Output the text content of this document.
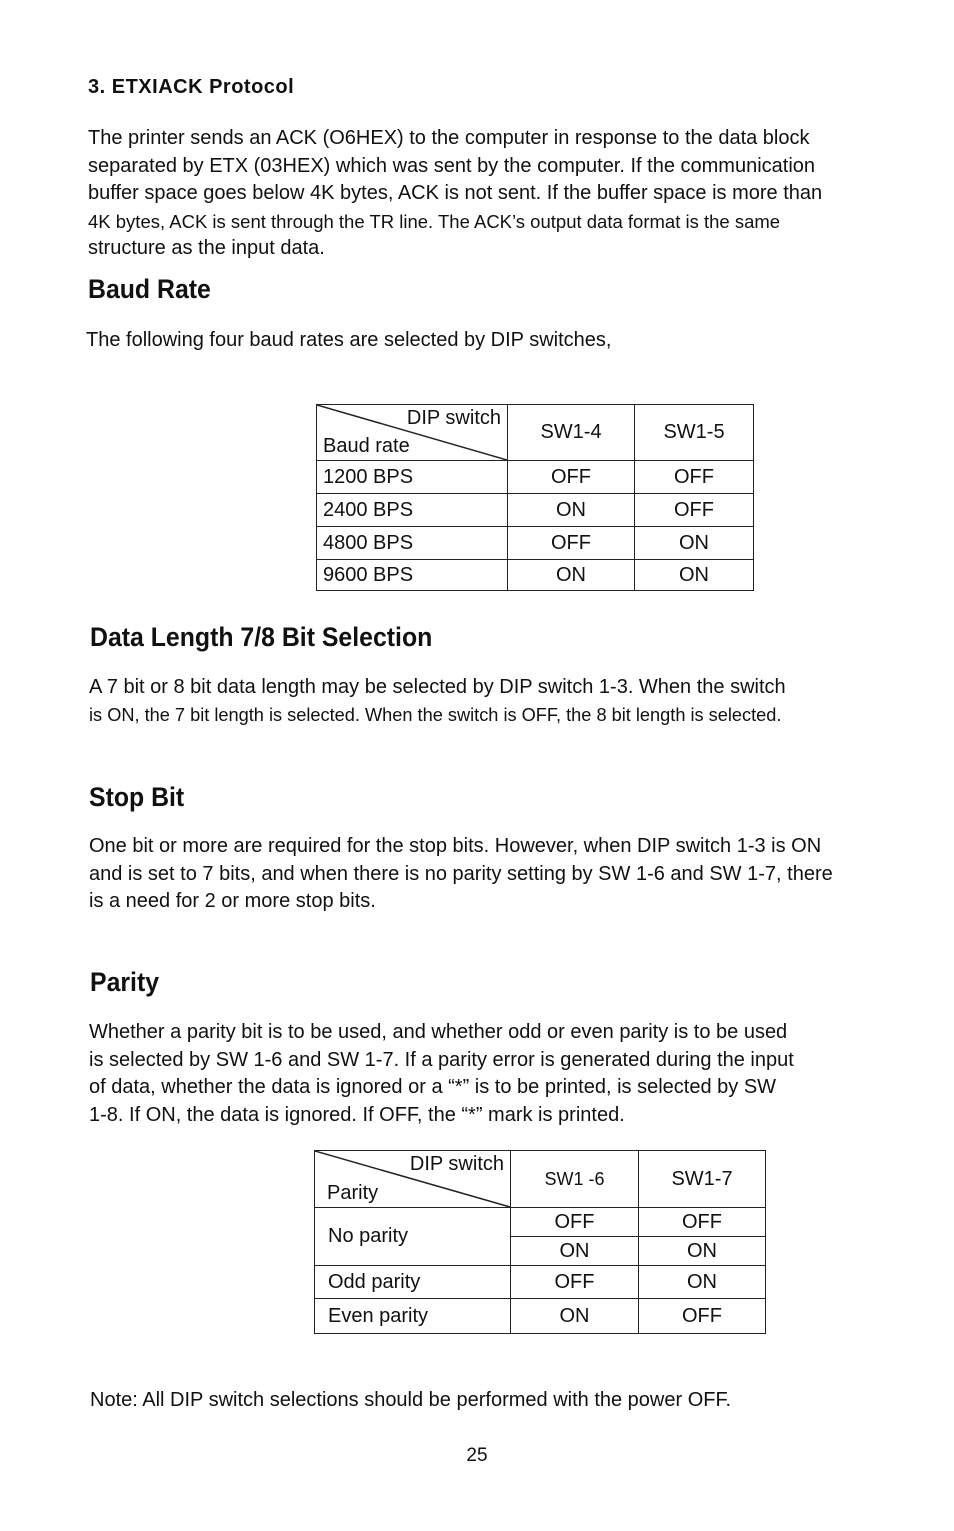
3. ETXIACK Protocol

The printer sends an ACK (O6HEX) to the computer in response to the data block

separated by ETX (03HEX) which was sent by the computer. If the communication

buffer space goes below 4K bytes, ACK is not sent. If the buffer space is more than

4K bytes, ACK is sent through the TR line. The ACK’s output data format is the same

structure as the input data.

Baud Rate
The following four baud rates are selected by DIP switches,
DIP switch
Baud rate	SW1-4	SW1-5
1200 BPS	OFF	OFF
2400 BPS	ON	OFF
4800 BPS	OFF	ON
9600 BPS	ON	ON
Data Length 7/8 Bit Selection

A 7 bit or 8 bit data length may be selected by DIP switch 1-3. When the switch

is ON, the 7 bit length is selected. When the switch is OFF, the 8 bit length is selected.

Stop Bit

One bit or more are required for the stop bits. However, when DIP switch 1-3 is ON

and is set to 7 bits, and when there is no parity setting by SW 1-6 and SW 1-7, there

is a need for 2 or more stop bits.

Parity

Whether a parity bit is to be used, and whether odd or even parity is to be used

is selected by SW 1-6 and SW 1-7. If a parity error is generated during the input

of data, whether the data is ignored or a “*” is to be printed, is selected by SW

1-8. If ON, the data is ignored. If OFF, the “*” mark is printed.

DIP switch
Parity	SW1 -6	SW1-7
No parity	OFF	OFF
	ON	ON
Odd parity	OFF	ON
Even parity	ON	OFF
Note: All DIP switch selections should be performed with the power OFF.
25
